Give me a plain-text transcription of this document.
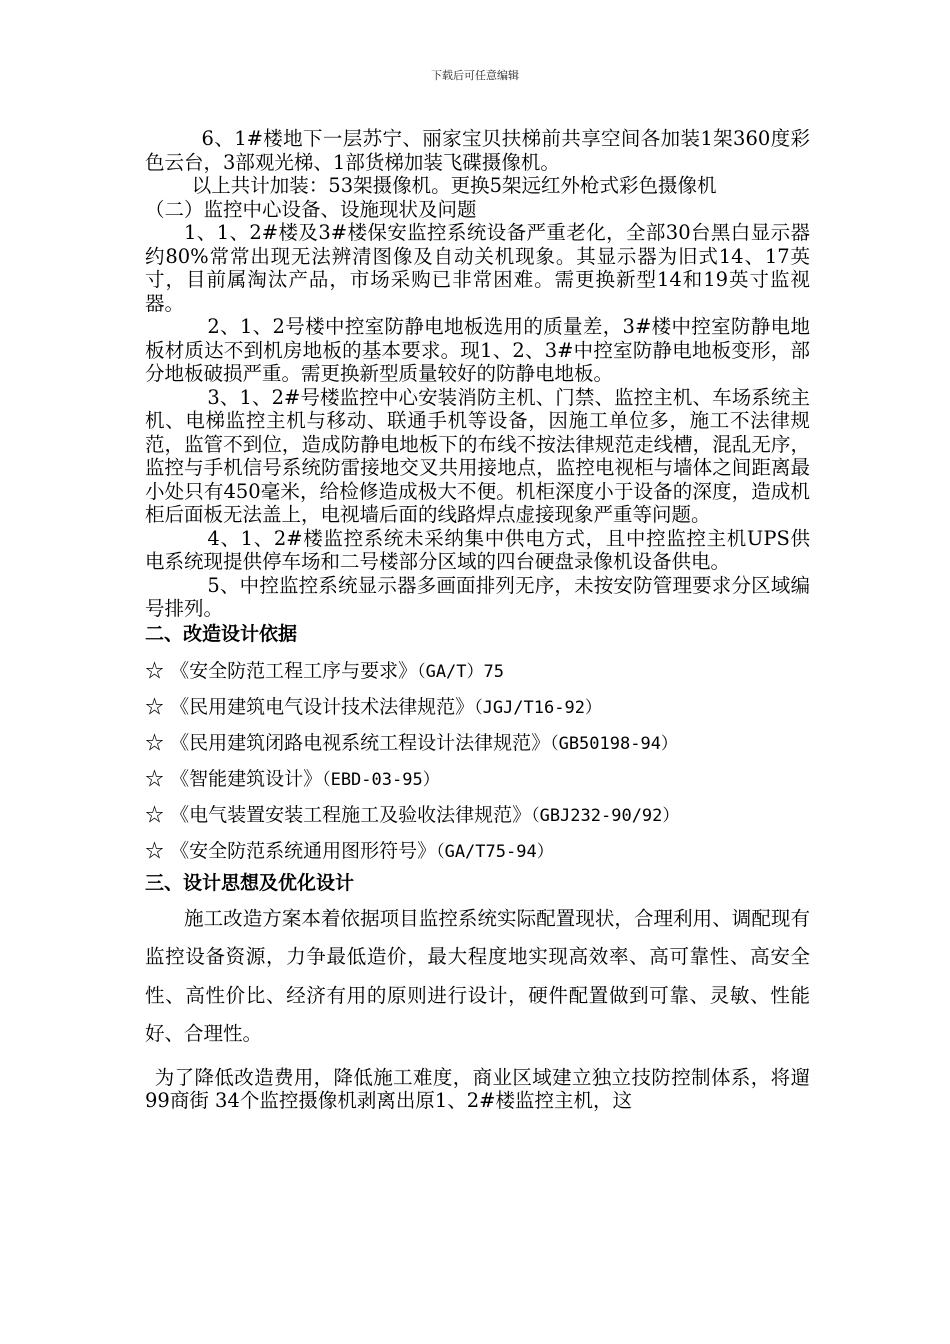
下载后可任意编辑

6、1#楼地下一层苏宁、丽家宝贝扶梯前共享空间各加装1架360度彩色云台，3部观光梯、1部货梯加装飞碟摄像机。

以上共计加装：53架摄像机。更换5架远红外枪式彩色摄像机

（二）监控中心设备、设施现状及问题

1、1、2#楼及3#楼保安监控系统设备严重老化，全部30台黑白显示器约80%常常出现无法辨清图像及自动关机现象。其显示器为旧式14、17英寸，目前属淘汰产品，市场采购已非常困难。需更换新型14和19英寸监视器。

2、1、2号楼中控室防静电地板选用的质量差，3#楼中控室防静电地板材质达不到机房地板的基本要求。现1、2、3#中控室防静电地板变形，部分地板破损严重。需更换新型质量较好的防静电地板。

3、1、2#号楼监控中心安装消防主机、门禁、监控主机、车场系统主机、电梯监控主机与移动、联通手机等设备，因施工单位多，施工不法律规范，监管不到位，造成防静电地板下的布线不按法律规范走线槽，混乱无序，监控与手机信号系统防雷接地交叉共用接地点，监控电视柜与墙体之间距离最小处只有450毫米，给检修造成极大不便。机柜深度小于设备的深度，造成机柜后面板无法盖上，电视墙后面的线路焊点虚接现象严重等问题。

4、1、2#楼监控系统未采纳集中供电方式，且中控监控主机UPS供电系统现提供停车场和二号楼部分区域的四台硬盘录像机设备供电。

5、中控监控系统显示器多画面排列无序，未按安防管理要求分区域编号排列。

二、改造设计依据

☆ 《安全防范工程工序与要求》（GA/T）75

☆ 《民用建筑电气设计技术法律规范》（JGJ/T16-92）

☆ 《民用建筑闭路电视系统工程设计法律规范》（GB50198-94）

☆ 《智能建筑设计》（EBD-03-95）

☆ 《电气装置安装工程施工及验收法律规范》（GBJ232-90/92）

☆ 《安全防范系统通用图形符号》（GA/T75-94）

三、设计思想及优化设计

施工改造方案本着依据项目监控系统实际配置现状，合理利用、调配现有监控设备资源，力争最低造价，最大程度地实现高效率、高可靠性、高安全性、高性价比、经济有用的原则进行设计，硬件配置做到可靠、灵敏、性能好、合理性。

为了降低改造费用，降低施工难度，商业区域建立独立技防控制体系，将遛99商街 34个监控摄像机剥离出原1、2#楼监控主机，这
